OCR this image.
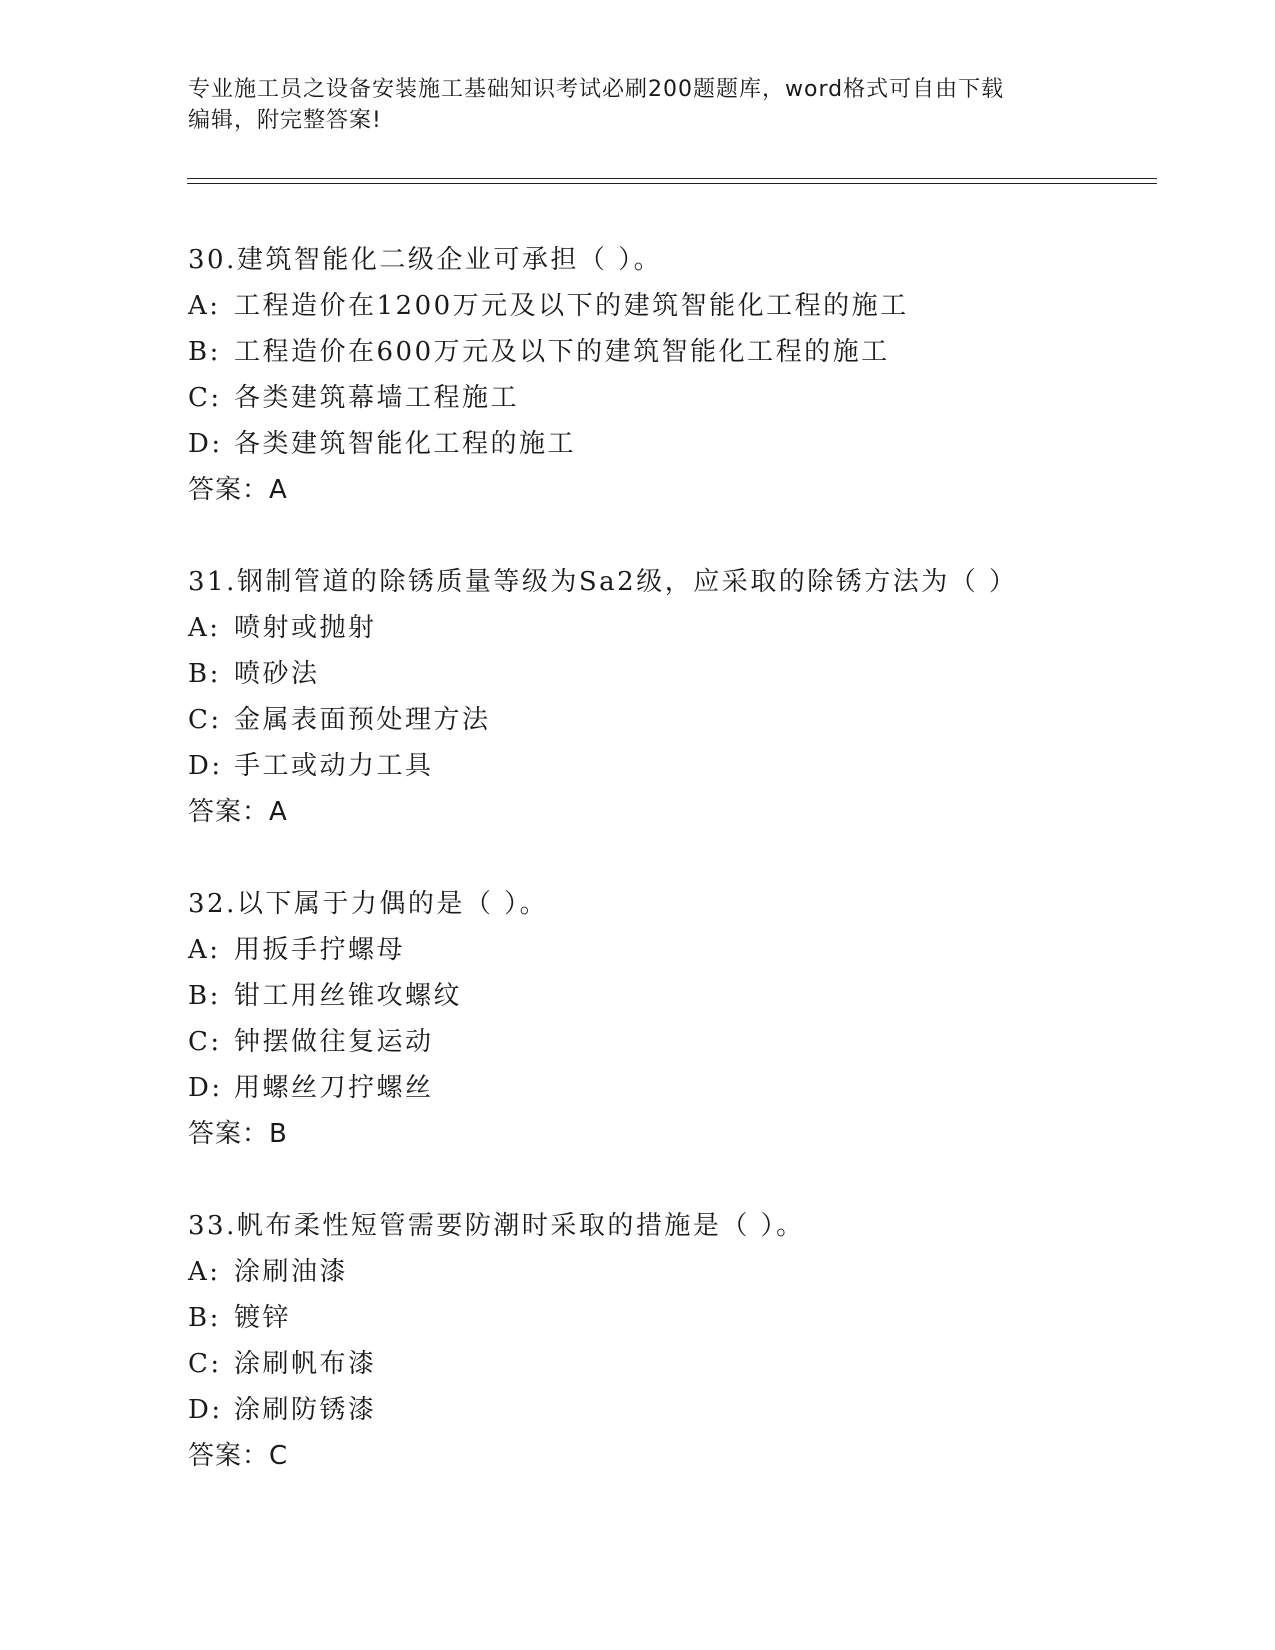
专业施工员之设备安装施工基础知识考试必刷200题题库，word格式可自由下载
编辑，附完整答案!
30.建筑智能化二级企业可承担（ ）。
A: 工程造价在1200万元及以下的建筑智能化工程的施工
B: 工程造价在600万元及以下的建筑智能化工程的施工
C: 各类建筑幕墙工程施工
D: 各类建筑智能化工程的施工
答案：A
31.钢制管道的除锈质量等级为Sa2级，应采取的除锈方法为（ ）
A: 喷射或抛射
B: 喷砂法
C: 金属表面预处理方法
D: 手工或动力工具
答案：A
32.以下属于力偶的是（ ）。
A: 用扳手拧螺母
B: 钳工用丝锥攻螺纹
C: 钟摆做往复运动
D: 用螺丝刀拧螺丝
答案：B
33.帆布柔性短管需要防潮时采取的措施是（ ）。
A: 涂刷油漆
B: 镀锌
C: 涂刷帆布漆
D: 涂刷防锈漆
答案：C
